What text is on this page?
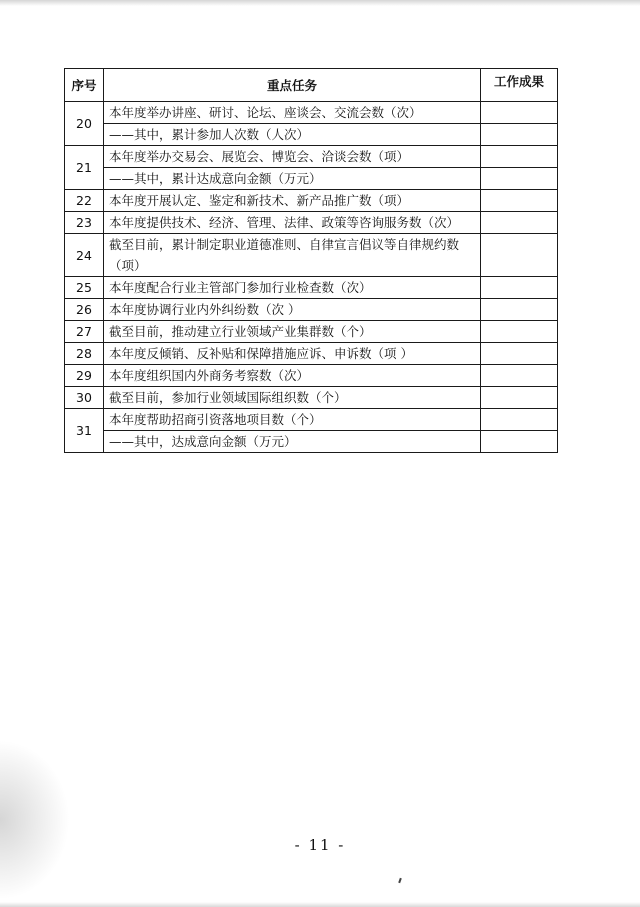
序号	重点任务	工作成果
20	本年度举办讲座、研讨、论坛、座谈会、交流会数（次）	
	——其中，累计参加人次数（人次）	
21	本年度举办交易会、展览会、博览会、洽谈会数（项）	
	——其中，累计达成意向金额（万元）	
22	本年度开展认定、鉴定和新技术、新产品推广数（项）	
23	本年度提供技术、经济、管理、法律、政策等咨询服务数（次）	
24	截至目前，累计制定职业道德准则、自律宣言倡议等自律规约数（项）	
25	本年度配合行业主管部门参加行业检查数（次）	
26	本年度协调行业内外纠纷数（次 ）	
27	截至目前，推动建立行业领域产业集群数（个）	
28	本年度反倾销、反补贴和保障措施应诉、申诉数（项 ）	
29	本年度组织国内外商务考察数（次）	
30	截至目前，参加行业领域国际组织数（个）	
31	本年度帮助招商引资落地项目数（个）	
	——其中，达成意向金额（万元）	
- 11 -
